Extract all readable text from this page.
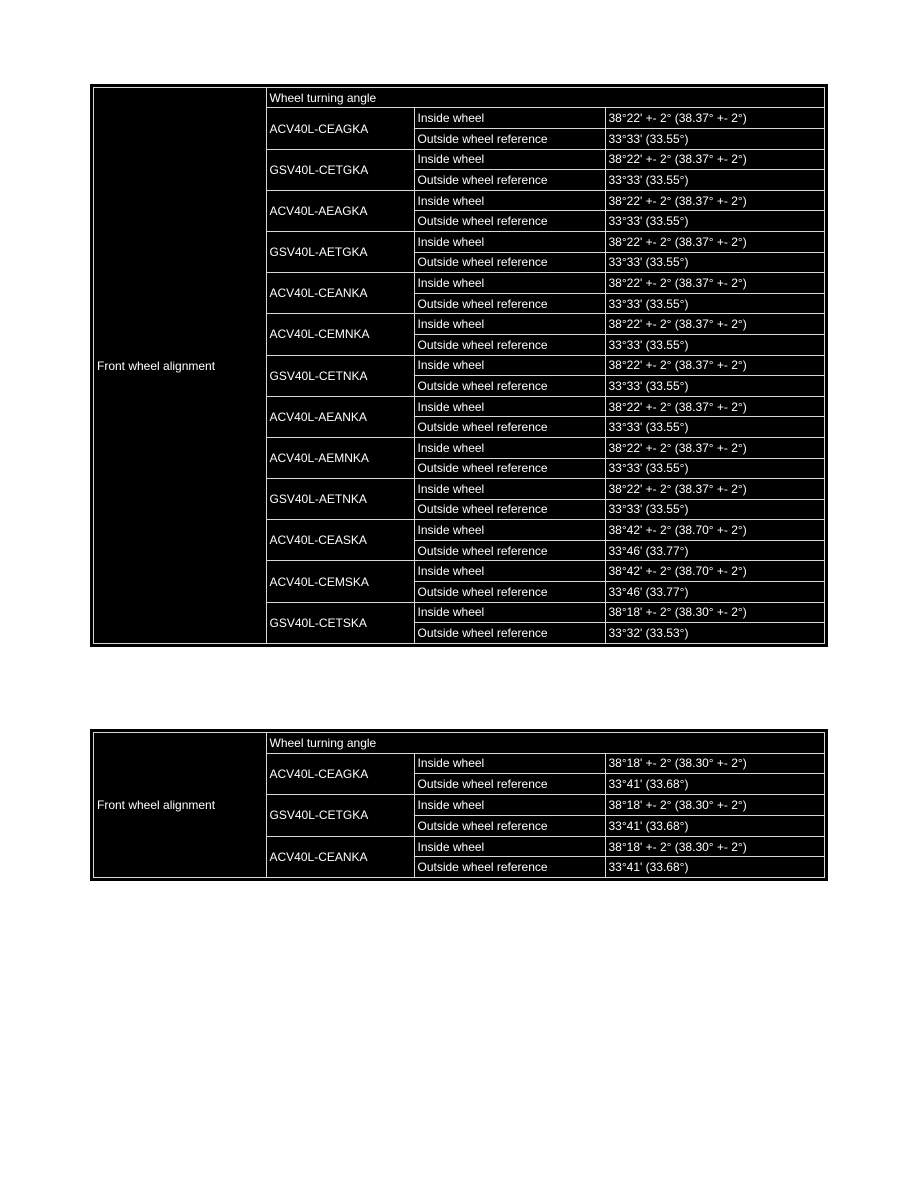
Front wheel alignment	Wheel turning angle		
	ACV40L-CEAGKA	Inside wheel	38°22' +- 2° (38.37° +- 2°)
		Outside wheel reference	33°33' (33.55°)
	GSV40L-CETGKA	Inside wheel	38°22' +- 2° (38.37° +- 2°)
		Outside wheel reference	33°33' (33.55°)
	ACV40L-AEAGKA	Inside wheel	38°22' +- 2° (38.37° +- 2°)
		Outside wheel reference	33°33' (33.55°)
	GSV40L-AETGKA	Inside wheel	38°22' +- 2° (38.37° +- 2°)
		Outside wheel reference	33°33' (33.55°)
	ACV40L-CEANKA	Inside wheel	38°22' +- 2° (38.37° +- 2°)
		Outside wheel reference	33°33' (33.55°)
	ACV40L-CEMNKA	Inside wheel	38°22' +- 2° (38.37° +- 2°)
		Outside wheel reference	33°33' (33.55°)
	GSV40L-CETNKA	Inside wheel	38°22' +- 2° (38.37° +- 2°)
		Outside wheel reference	33°33' (33.55°)
	ACV40L-AEANKA	Inside wheel	38°22' +- 2° (38.37° +- 2°)
		Outside wheel reference	33°33' (33.55°)
	ACV40L-AEMNKA	Inside wheel	38°22' +- 2° (38.37° +- 2°)
		Outside wheel reference	33°33' (33.55°)
	GSV40L-AETNKA	Inside wheel	38°22' +- 2° (38.37° +- 2°)
		Outside wheel reference	33°33' (33.55°)
	ACV40L-CEASKA	Inside wheel	38°42' +- 2° (38.70° +- 2°)
		Outside wheel reference	33°46' (33.77°)
	ACV40L-CEMSKA	Inside wheel	38°42' +- 2° (38.70° +- 2°)
		Outside wheel reference	33°46' (33.77°)
	GSV40L-CETSKA	Inside wheel	38°18' +- 2° (38.30° +- 2°)
		Outside wheel reference	33°32' (33.53°)
Front wheel alignment	Wheel turning angle		
	ACV40L-CEAGKA	Inside wheel	38°18' +- 2° (38.30° +- 2°)
		Outside wheel reference	33°41' (33.68°)
	GSV40L-CETGKA	Inside wheel	38°18' +- 2° (38.30° +- 2°)
		Outside wheel reference	33°41' (33.68°)
	ACV40L-CEANKA	Inside wheel	38°18' +- 2° (38.30° +- 2°)
		Outside wheel reference	33°41' (33.68°)
